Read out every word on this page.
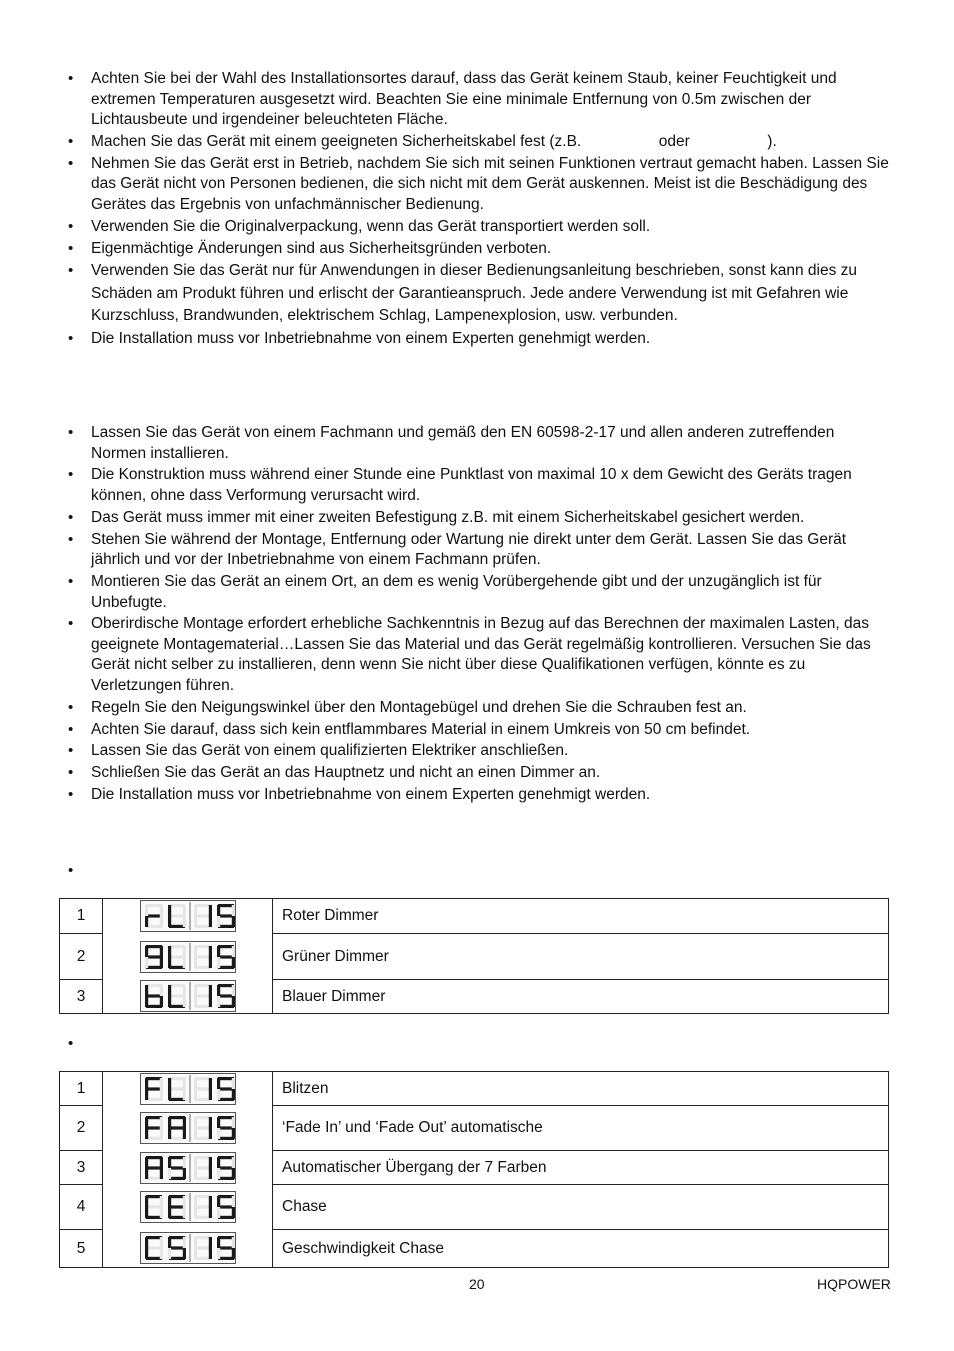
• Achten Sie bei der Wahl des Installationsortes darauf, dass das Gerät keinem Staub, keiner Feuchtigkeit und extremen Temperaturen ausgesetzt wird. Beachten Sie eine minimale Entfernung von 0.5m zwischen der Lichtausbeute und irgendeiner beleuchteten Fläche.
• Machen Sie das Gerät mit einem geeigneten Sicherheitskabel fest (z.B.                  oder                  ).
• Nehmen Sie das Gerät erst in Betrieb, nachdem Sie sich mit seinen Funktionen vertraut gemacht haben. Lassen Sie das Gerät nicht von Personen bedienen, die sich nicht mit dem Gerät auskennen. Meist ist die Beschädigung des Gerätes das Ergebnis von unfachmännischer Bedienung.
• Verwenden Sie die Originalverpackung, wenn das Gerät transportiert werden soll.
• Eigenmächtige Änderungen sind aus Sicherheitsgründen verboten.
• Verwenden Sie das Gerät nur für Anwendungen in dieser Bedienungsanleitung beschrieben, sonst kann dies zu Schäden am Produkt führen und erlischt der Garantieanspruch. Jede andere Verwendung ist mit Gefahren wie Kurzschluss, Brandwunden, elektrischem Schlag, Lampenexplosion, usw. verbunden.
• Die Installation muss vor Inbetriebnahme von einem Experten genehmigt werden.
• Lassen Sie das Gerät von einem Fachmann und gemäß den EN 60598-2-17 und allen anderen zutreffenden Normen installieren.
• Die Konstruktion muss während einer Stunde eine Punktlast von maximal 10 x dem Gewicht des Geräts tragen können, ohne dass Verformung verursacht wird.
• Das Gerät muss immer mit einer zweiten Befestigung z.B. mit einem Sicherheitskabel gesichert werden.
• Stehen Sie während der Montage, Entfernung oder Wartung nie direkt unter dem Gerät. Lassen Sie das Gerät jährlich und vor der Inbetriebnahme von einem Fachmann prüfen.
• Montieren Sie das Gerät an einem Ort, an dem es wenig Vorübergehende gibt und der unzugänglich ist für Unbefugte.
• Oberirdische Montage erfordert erhebliche Sachkenntnis in Bezug auf das Berechnen der maximalen Lasten, das geeignete Montagematerial…Lassen Sie das Material und das Gerät regelmäßig kontrollieren. Versuchen Sie das Gerät nicht selber zu installieren, denn wenn Sie nicht über diese Qualifikationen verfügen, könnte es zu Verletzungen führen.
• Regeln Sie den Neigungswinkel über den Montagebügel und drehen Sie die Schrauben fest an.
• Achten Sie darauf, dass sich kein entflammbares Material in einem Umkreis von 50 cm befindet.
• Lassen Sie das Gerät von einem qualifizierten Elektriker anschließen.
• Schließen Sie das Gerät an das Hauptnetz und nicht an einen Dimmer an.
• Die Installation muss vor Inbetriebnahme von einem Experten genehmigt werden.
•
1		Roter Dimmer
2		Grüner Dimmer
3		Blauer Dimmer
•
1		Blitzen
2		‘Fade In’ und ‘Fade Out’ automatische
3		Automatischer Übergang der 7 Farben
4		Chase
5		Geschwindigkeit Chase
20	HQPOWER
